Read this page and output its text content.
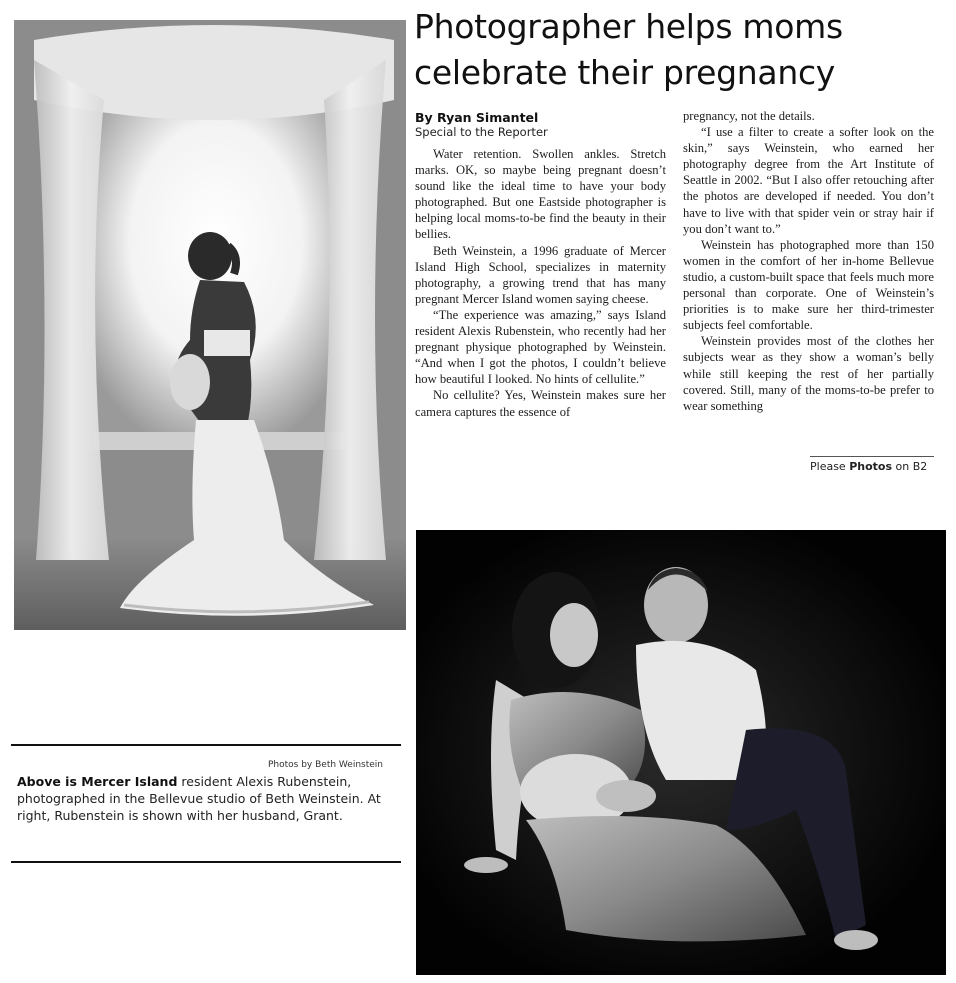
Photographer helps moms celebrate their pregnancy
By Ryan Simantel
Special to the Reporter

Water retention. Swollen ankles. Stretch marks. OK, so maybe being pregnant doesn’t sound like the ideal time to have your body photographed. But one Eastside photographer is helping local moms-to-be find the beauty in their bellies.

Beth Weinstein, a 1996 graduate of Mercer Island High School, specializes in maternity photography, a growing trend that has many pregnant Mercer Island women saying cheese.

“The experience was amazing,” says Island resident Alexis Rubenstein, who recently had her pregnant physique photographed by Weinstein. “And when I got the photos, I couldn’t believe how beautiful I looked. No hints of cellulite.”

No cellulite? Yes, Weinstein makes sure her camera captures the essence of

pregnancy, not the details.

“I use a filter to create a softer look on the skin,” says Weinstein, who earned her photography degree from the Art Institute of Seattle in 2002. “But I also offer retouching after the photos are developed if needed. You don’t have to live with that spider vein or stray hair if you don’t want to.”

Weinstein has photographed more than 150 women in the comfort of her in-home Bellevue studio, a custom-built space that feels much more personal than corporate. One of Weinstein’s priorities is to make sure her third-trimester subjects feel comfortable.

Weinstein provides most of the clothes her subjects wear as they show a woman’s belly while still keeping the rest of her partially covered. Still, many of the moms-to-be prefer to wear something

Please Photos on B2
Photos by Beth Weinstein
Above is Mercer Island resident Alexis Rubenstein, photographed in the Bellevue studio of Beth Weinstein. At right, Rubenstein is shown with her husband, Grant.
